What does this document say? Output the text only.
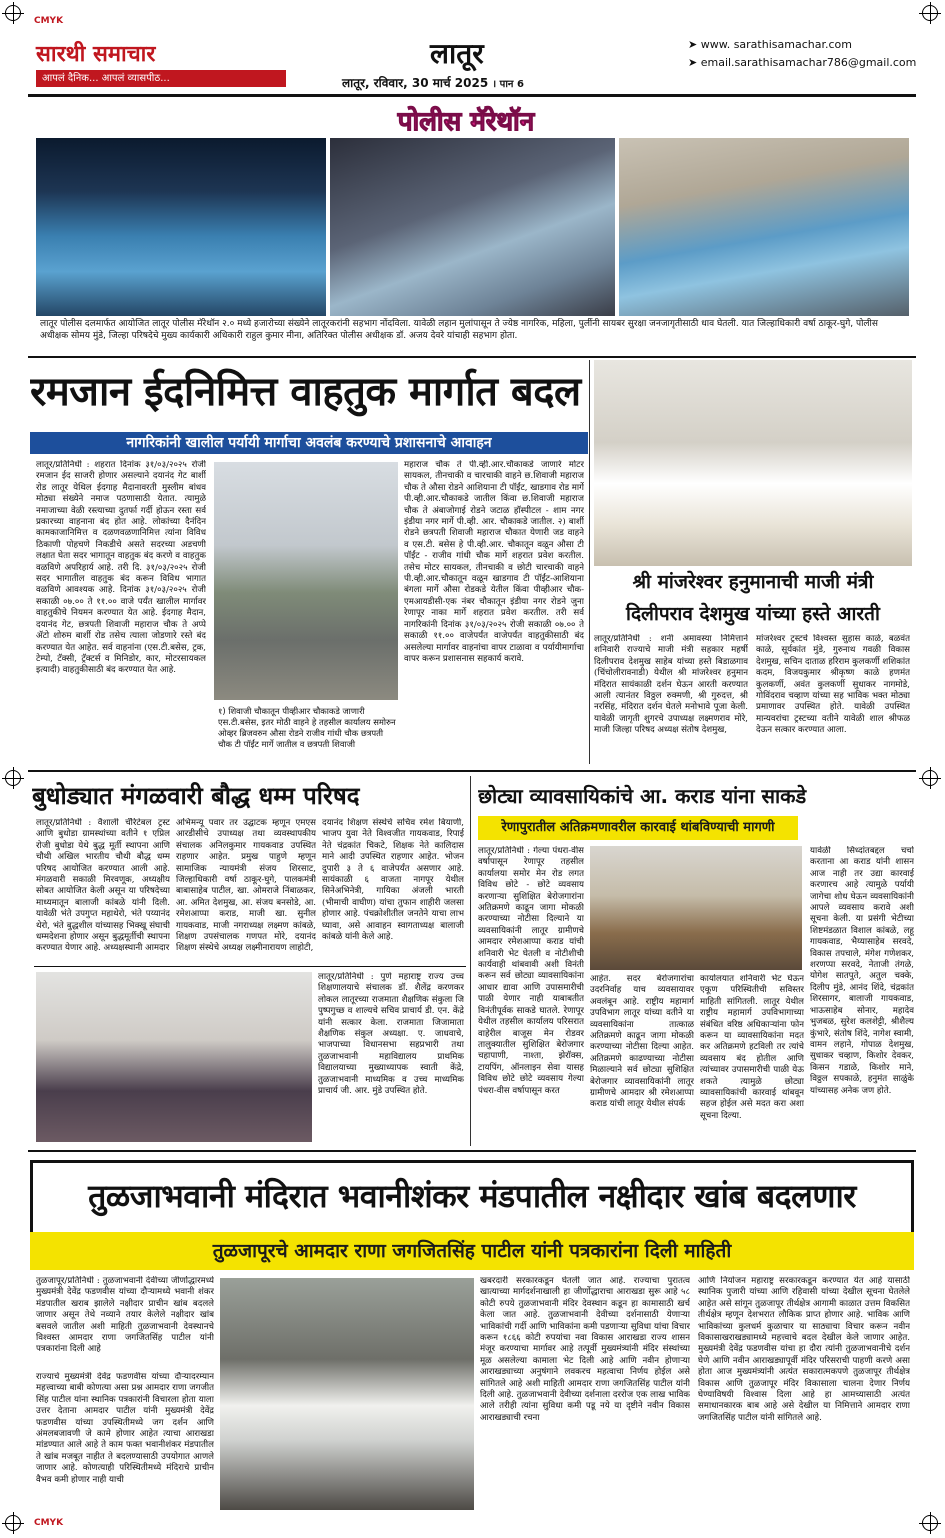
CMYK
CMYK
सारथी समाचार
आपलं दैनिक... आपलं व्यासपीठ...
लातूर
लातूर, रविवार, 30 मार्च 2025 । पान 6
➤ www. sarathisamachar.com
➤ email.sarathisamachar786@gmail.com
पोलीस मॅरेथॉन
लातूर पोलीस दलमार्फत आयोजित लातूर पोलीस मॅरेथॉन २.० मध्ये हजारोच्या संख्येने लातूरकरांनी सहभाग नोंदविला. यावेळी लहान मुलांपासून ते ज्येष्ठ नागरिक, महिला, पुर्लीनी सायबर सुरक्षा जनजागृतीसाठी धाव घेतली. यात जिल्हाधिकारी वर्षा ठाकूर-घुगे, पोलीस अधीक्षक सोमय मुंडे, जिल्हा परिषदेचे मुख्य कार्यकारी अधिकारी राहुल कुमार मीना, अतिरिक्त पोलीस अधीक्षक डॉ. अजय देवरे यांचाही सहभाग होता.
रमजान ईदनिमित्त वाहतुक मार्गात बदल
नागरिकांनी खालील पर्यायी मार्गाचा अवलंब करण्याचे प्रशासनाचे आवाहन
लातूर/प्रतिनिधी : शहरात दिनांक ३१/०३/२०२५ रोजी रमजान ईद साजरी होणार असल्याने दयानंद गेट बार्शी रोड लातूर येथिल ईदगाह मैदानावरती मुस्लीम बांधव मोठ्या संख्येने नमाज पठणासाठी येतात. त्यामुळे नमाजाच्या वेळी रस्त्याच्या दुतर्फा गर्दी होऊन रस्ता सर्व प्रकारच्या वाहनाना बंद होत आहे. लोकांच्या दैनंदिन कामकाजानिमित्त व दळणवळणानिमित्त त्यांना विविध ठिकाणी पोहचणे निकडीचे असते सदरच्या अडचणी लक्षात घेता सदर भागातून वाहतुक बंद करणे व वाहतुक वळविणे अपरिहार्य आहे. तरी दि. ३१/०३/२०२५ रोजी सदर भागातील वाहतुक बंद करून विविध भागात वळविणे आवश्यक आहे. दिनांक ३१/०३/२०२५ रोजी सकाळी ०७.०० ते ११.०० वाजे पर्यंत खालील मार्गावर वाहतुकीचे नियमन करण्यात येत आहे. ईदगाह मैदान, दयानंद गेट, छत्रपती शिवाजी महाराज चौक ते अप्पे ॲटो शोरुम बार्शी रोड तसेच त्याला जोडणारे रस्ते बंद करण्यात येत आहेत. सर्व वाहनांना (एस.टी.बसेस, ट्रक, टेम्पो, टॅक्सी, ट्रॅक्टर्स व मिनिडोर, कार, मोटरसायकल इत्यादी) वाहतुकीसाठी बंद करण्यात येत आहे.
१) शिवाजी चौकातून पीव्हीआर चौकाकडे जाणारी एस.टी.बसेस, इतर मोठी वाहने हे तहसील कार्यालय समोरुन ओव्हर ब्रिजवरुन औसा रोडने राजीव गांधी चौक छत्रपती चौक टी पॉईंट मार्गे जातील व छत्रपती शिवाजी
महाराज चौक ते पी.व्ही.आर.चौकाकडे जाणारे मोटर सायकल, तीनचाकी व चारचाकी वाहने छ.शिवाजी महाराज चौक ते औसा रोडने आशियाना टी पॉईंट, खाडगाव रोड मार्गे पी.व्ही.आर.चौकाकडे जातील किंवा छ.शिवाजी महाराज चौक ते अंबाजोगाई रोडने जटाळ हॉस्पीटल - शाम नगर इंडीया नगर मार्गे पी.व्ही. आर. चौकाकडे जातील. २) बार्शी रोडने छत्रपती शिवाजी महाराज चौकात येणारी जड वाहने व एस.टी. बसेस हे पी.व्ही.आर. चौकातून वळून औसा टी पॉईंट - राजीव गांधी चौक मार्गे शहरात प्रवेश करतील. तसेच मोटर सायकल, तीनचाकी व छोटी चारचाकी वाहने पी.व्ही.आर.चौकातून वळून खाडगाव टी पॉईंट-आशियाना बंगला मार्गे औसा रोडकडे येतील किंवा पीव्हीआर चौक-एमआयडीसी-एक नंबर चौकातून इंडीया नगर रोडने जुना रेणापूर नाका मार्गे शहरात प्रवेश करतील. तरी सर्व नागरिकांनी दिनांक ३१/०३/२०२५ रोजी सकाळी ०७.०० ते सकाळी ११.०० वाजेपर्यंत वाजेपर्यंत वाहतुकीसाठी बंद असलेल्या मार्गावर वाहनांचा वापर टाळावा व पर्यायीमार्गाचा वापर करून प्रशासनास सहकार्य करावे.
श्री मांजरेश्वर हनुमानाची माजी मंत्री
दिलीपराव देशमुख यांच्या हस्ते आरती
लातूर/प्रतिनिधी : शनी अमावस्या निमित्ताने शनिवारी राज्याचे माजी मंत्री सहकार महर्षी दिलीपराव देशमुख साहेब यांच्या हस्ते बिडाळगाव (चिंचोलीरावनाडी) येथील श्री मांजरेश्वर हनुमान मंदिरात सायंकाळी दर्शन घेऊन आरती करण्यात आली त्यानंतर विठ्ठल रुक्मणी, श्री गुरुदत्त, श्री नरसिंह, मंदिरात दर्शन घेतले मनोभावे पूजा केली. यावेळी जागृती शुगरचे उपाध्यक्ष लक्ष्मणराव मोरे, माजी जिल्हा परिषद अध्यक्ष संतोष देशमुख,
मांजरेश्वर ट्रस्टचे विश्वस्त सुहास काळे, बळवंत काळे, सूर्यकांत मुंडे, गुरुनाथ गवळी विकास देशमुख, सचिन दाताळ हरिराम कुलकर्णी शशिकांत कदम, विजयकुमार श्रीकृष्ण काळे हणमंत कुलकर्णी, अवंत कुलकर्णी सुधाकर नागमोडे, गोविंदराव चव्हाण यांच्या सह भाविक भक्त मोठ्या प्रमाणावर उपस्थित होते. यावेळी उपस्थित मान्यवरांचा ट्रस्टच्या वतीने यावेळी शाल श्रीफळ देऊन सत्कार करण्यात आला.
बुधोड्यात मंगळवारी बौद्ध धम्म परिषद
लातूर/प्रतिनिधी : वैशाली चॅरिटेबल ट्रस्ट आणि बुधोडा ग्रामस्थांच्या वतीने १ एप्रिल रोजी बुधोडा येथे बुद्ध मूर्ती स्थापना आणि चौथी अखिल भारतीय चौथी बौद्ध धम्म परिषद आयोजित करण्यात आली आहे. मंगळवारी सकाळी मिरवणूक, अध्यक्षीय सोबत आयोजित केली असून या परिषदेच्या माध्यमातून बालाजी कांबळे यांनी दिली. यावेळी भंते उपगुप्त महाथेरो, भंते पय्यानंद थेरो, भंते बुद्धशील यांच्यासह भिक्खू संघाची धम्मदेशना होणार असून बुद्धमूर्तीची स्थापना करण्यात येणार आहे. अध्यक्षस्थानी आमदार
अभिमन्यू पवार तर उद्घाटक म्हणून एमएस आरडीसीचे उपाध्यक्ष तथा व्यवस्थापकीय संचालक अनिलकुमार गायकवाड उपस्थित राहणार आहेत. प्रमुख पाहुणे म्हणून सामाजिक न्यायमंत्री संजय शिरसाट, जिल्हाधिकारी वर्षा ठाकूर-घुगे, पालकमंत्री बाबासाहेब पाटील, खा. ओमराजे निंबाळकर, आ. अमित देशमुख, आ. संजय बनसोडे, आ. रमेशआप्पा कराड, माजी खा. सुनील गायकवाड, माजी नगराध्यक्ष लक्ष्मण कांबळे, शिक्षण उपसंचालक गणपत मोरे, दयानंद शिक्षण संस्थेचे अध्यक्ष लक्ष्मीनारायण लाहोटी,
दयानंद शिक्षण संस्थेचे सचिव रमेश बियाणी, भाजप युवा नेते विश्वजीत गायकवाड, रिपाई नेते चंद्रकांत चिकटे, शिक्षक नेते कालिदास माने आदी उपस्थित राहणार आहेत. भोजन दुपारी ३ ते ६ वाजेपर्यंत असणार आहे. सायंकाळी ६ वाजता नागपूर येथील सिनेअभिनेत्री, गायिका अंजली भारती (भीमाची वाघीण) यांचा तुफान शाहीरी जलसा होणार आहे. पंचक्रोशीतील जनतेने याचा लाभ घ्यावा, असे आवाहन स्वागताध्यक्ष बालाजी कांबळे यांनी केले आहे.
लातूर/प्रतिनिधी : पुणे महाराष्ट्र राज्य उच्च शिक्षणालयाचे संचालक डॉ. शैलेंद्र करणकर लोकल लातूरच्या राजमाता शैक्षणिक संकुला जि पुष्पगुच्छ व शाल्यचे सचिव प्राचार्य डी. एन. केंद्रे यांनी सत्कार केला. राजमाता जिजामाता शैक्षणिक संकुल अध्यक्षा. ए. जाधवाचे, भाजपाच्या विधानसभा सहप्रभारी तथा तुळजाभवानी महाविद्यालय प्राथमिक विद्यालयाच्या मुख्याध्यापक स्वाती केंद्रे, तुळजाभवानी माध्यमिक व उच्च माध्यमिक प्राचार्य जी. आर. मुंडे उपस्थित होते.
छोट्या व्यावसायिकांचे आ. कराड यांना साकडे
रेणापुरातील अतिक्रमणावरील कारवाई थांबविण्याची मागणी
लातूर/प्रतिनिधी : गेल्या पंधरा-वीस वर्षापासून रेणापूर तहसील कार्यालया समोर मेन रोड लगत विविध छोटे - छोटे व्यवसाय करणाऱ्या सुशिक्षित बेरोजगारांना अतिक्रमणे काढून जागा मोकळी करण्याच्या नोटीसा दिल्याने या व्यवसायिकांनी लातूर ग्रामीणचे आमदार रमेशआप्पा कराड यांची शनिवारी भेट घेतली व नोटीशीची कार्यवाही थांबवावी अशी विनंती करून सर्व छोट्या व्यावसायिकांना आधार द्यावा आणि उपासमारीची पाळी येणार नाही याबाबतीत विनंतीपूर्वक साकडे घातले. रेणापूर येथील तहसील कार्यालय परिसरात वाहेरील बाजूस मेन रोडवर तालुक्यातील सुशिक्षित बेरोजगार चहापाणी, नाश्ता, झेरॉक्स, टायपिंग, ऑनलाइन सेवा यासह विविध छोटे छोटे व्यवसाय गेल्या पंधरा-वीस वर्षापासून करत
आहेत. सदर बेरोजगारांचा उदरनिर्वाह याच व्यवसायावर अवलंबून आहे. राष्ट्रीय महामार्ग उपविभाग लातूर यांच्या वतीने या व्यवसायिकांना तात्काळ अतिक्रमणे काढून जागा मोकळी करण्याच्या नोटीसा दिल्या आहेत. अतिक्रमणे काढण्याच्या नोटीसा मिळाल्याने सर्व छोट्या सुशिक्षित बेरोजगार व्यावसायिकांनी लातूर ग्रामीणचे आमदार श्री रमेशआप्पा कराड यांची लातूर येथील संपर्क
कार्यालयात शनिवारी भेट घेऊन एकूण परिस्थितीची सविस्तर माहिती सांगितली. लातूर येथील राष्ट्रीय महामार्ग उपविभागाच्या संबंधित वरिष्ठ अधिकाऱ्यांना फोन करून या व्यावसायिकांना मदत कर अतिक्रमणे हटविली तर त्यांचे व्यवसाय बंद होतील आणि त्यांच्यावर उपासमारीची पाळी येऊ शकते त्यामुळे छोट्या व्यावसायिकांची कारवाई थांबवून सहज होईल असे मदत करा अशा सूचना दिल्या.
यावेळी सिध्दांतबद्दल चर्चा करताना आ कराड यांनी शासन आज नाही तर उद्या कारवाई करणारच आहे त्यामुळे पर्यायी जागेचा शोध घेऊन व्यवसायिकांनी आपले व्यवसाय करावे अशी सूचना केली. या प्रसंगी भेटीच्या शिष्टमंडळात विशाल कांबळे, लहू गायकवाड, भैय्यासाहेब सरवदे, विकास तपचाले, मंगेश गणेशकर, शरणप्पा सरवदे, नेताजी तंगळे, योगेश सातपुते, अतुल चक्के, दिलीप मुंडे, आनंद शिंदे, चंद्रकांत शिरसागर, बालाजी गायकवाड, भाऊसाहेब सोनार, महादेव भुजबळ, सुरेश कलशेट्टी, श्रीशैल्य कुंभारे, संतोष शिंदे, नागेश स्वामी, वामन लहाने, गोपाळ देशमुख, सुधाकर चव्हाण, किशोर देवकर, किसन गडाळे, किशोर माने, विठ्ठल सपकाळे, हनुमंत साळुंके यांच्यासह अनेक जण होते.
तुळजाभवानी मंदिरात भवानीशंकर मंडपातील नक्षीदार खांब बदलणार
तुळजापूरचे आमदार राणा जगजितसिंह पाटील यांनी पत्रकारांना दिली माहिती
तुळजापूर/प्रतिनिधी : तुळजाभवानी देवीच्या जीर्णोद्धारमध्ये मुख्यमंत्री देवेंद्र फडणवीस यांच्या दौऱ्यामध्ये भवानी शंकर मंडपातील खराब झालेले नक्षीदार प्राचीन खांब बदलले जाणार असून तेथे नव्याने तयार केलेले नक्षीदार खांब बसवले जातील अशी माहिती तुळजाभवानी देवस्थानचे विश्वस्त आमदार राणा जगजितसिंह पाटील यांनी पत्रकारांना दिली आहे
राज्याचे मुख्यमंत्री देवेंद्र फडणवीस यांच्या दौऱ्यादरम्यान महत्त्वाच्या बाबी कोणत्या असा प्रश्न आमदार राणा जगजीत सिंह पाटील यांना स्थानिक पत्रकारांनी विचारला होता याला उत्तर देताना आमदार पाटील यांनी मुख्यमंत्री देवेंद्र फडणवीस यांच्या उपस्थितीमध्ये जग दर्शन आणि अंमलबजावणी जे कामे होणार आहेत त्याचा आराखडा मांडण्यात आले आहे ते काम फक्त भवानीशंकर मंडपातील ते खांब मजबूत नाहीत ते बदलण्यासाठी उपयोगात आणले जाणार आहे. कोणत्याही परिस्थितीमध्ये मंदिराचे प्राचीन वैभव कमी होणार नाही याची
खबरदारी सरकारकडून घेतली जात आहे. राज्याचा पुरातत्व खात्याच्या मार्गदर्शनाखाली हा जीर्णोद्धाराचा आराखडा सुरू आहे ५८ कोटी रुपये तुळजाभवानी मंदिर देवस्थान कडून हा कामासाठी खर्च केला जात आहे. तुळजाभवानी देवीच्या दर्शनासाठी येणाऱ्या भाविकांची गर्दी आणि भाविकांना कमी पडणाऱ्या सुविधा यांचा विचार करून १८६६ कोटी रुपयांचा नवा विकास आराखडा राज्य शासन मंजूर करण्याचा मार्गावर आहे तत्पूर्वी मुख्यमंत्र्यांनी मंदिर संस्थांच्या मूळ असलेल्या कामाला भेट दिली आहे आणि नवीन होणाऱ्या आराखड्याच्या अनुषंगाने लवकरच महत्वाचा निर्णय होईल असे सांगितले आहे अशी माहिती आमदार राणा जगजितसिंह पाटील यांनी दिली आहे. तुळजाभवानी देवीच्या दर्शनाला दररोज एक लाख भाविक आले तरीही त्यांना सुविधा कमी पडू नये या दृष्टीने नवीन विकास आराखड्याची रचना
आणि नियोजन महाराष्ट्र सरकारकडून करण्यात येत आहे यासाठी स्थानिक पुजारी यांच्या आणि रहिवासी यांच्या देखील सूचना घेतलेले आहेत असे सांगून तुळजापूर तीर्थक्षेत्र आगामी काळात उत्तम विकसित तीर्थक्षेत्र म्हणून देशभरात लौकिक प्राप्त होणार आहे. भाविक आणि भाविकांच्या कुलधर्म कुळाचार या साठ्याचा विचार करून नवीन विकासाखराखड्यामध्ये महत्त्वाचे बदल देखील केले जाणार आहेत. मुख्यमंत्री देवेंद्र फडणवीस यांचा हा दौरा त्यांनी तुळजाभवानीचे दर्शन घेणे आणि नवीन आराखड्यापूर्वी मंदिर परिसराची पाहणी करणे असा होता आज मुख्यमंत्र्यांनी अत्यंत सकारात्मकपणे तुळजापूर तीर्थक्षेत्र विकास आणि तुळजापूर मंदिर विकासाला चालना देणार निर्णय घेण्याविषयी विश्वास दिला आहे हा आमच्यासाठी अत्यंत समाधानकारक बाब आहे असे देखील या निमित्ताने आमदार राणा जगजितसिंह पाटील यांनी सांगितले आहे.
